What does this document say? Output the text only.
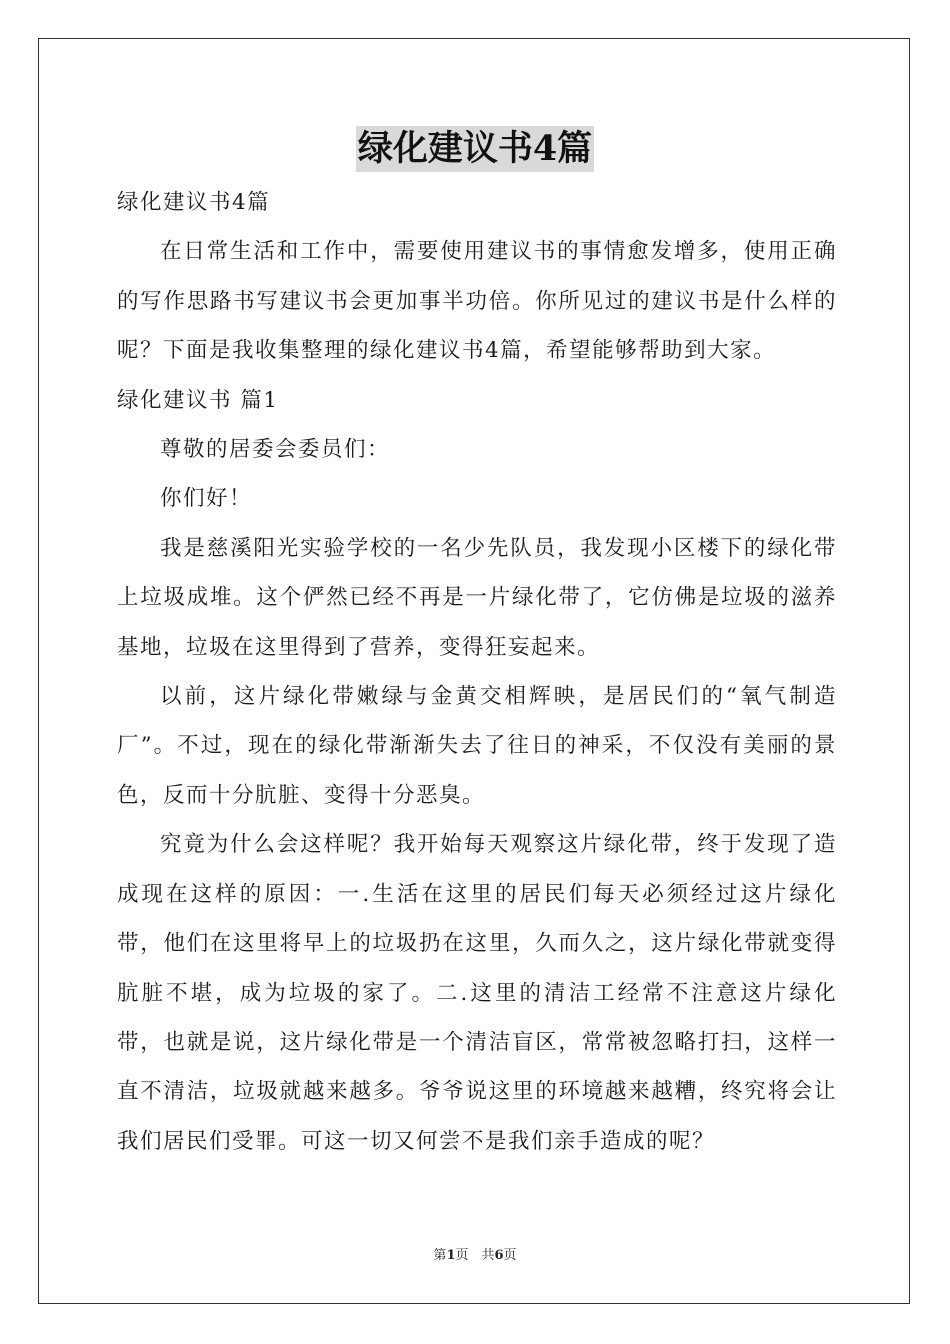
绿化建议书4篇

绿化建议书4篇

在日常生活和工作中，需要使用建议书的事情愈发增多，使用正确的写作思路书写建议书会更加事半功倍。你所见过的建议书是什么样的呢？下面是我收集整理的绿化建议书4篇，希望能够帮助到大家。

绿化建议书 篇1

尊敬的居委会委员们：

你们好！

我是慈溪阳光实验学校的一名少先队员，我发现小区楼下的绿化带上垃圾成堆。这个俨然已经不再是一片绿化带了，它仿佛是垃圾的滋养基地，垃圾在这里得到了营养，变得狂妄起来。

以前，这片绿化带嫩绿与金黄交相辉映，是居民们的“氧气制造厂”。不过，现在的绿化带渐渐失去了往日的神采，不仅没有美丽的景色，反而十分肮脏、变得十分恶臭。

究竟为什么会这样呢？我开始每天观察这片绿化带，终于发现了造成现在这样的原因：一.生活在这里的居民们每天必须经过这片绿化带，他们在这里将早上的垃圾扔在这里，久而久之，这片绿化带就变得肮脏不堪，成为垃圾的家了。二.这里的清洁工经常不注意这片绿化带，也就是说，这片绿化带是一个清洁盲区，常常被忽略打扫，这样一直不清洁，垃圾就越来越多。爷爷说这里的环境越来越糟，终究将会让我们居民们受罪。可这一切又何尝不是我们亲手造成的呢？

第1页　共6页
